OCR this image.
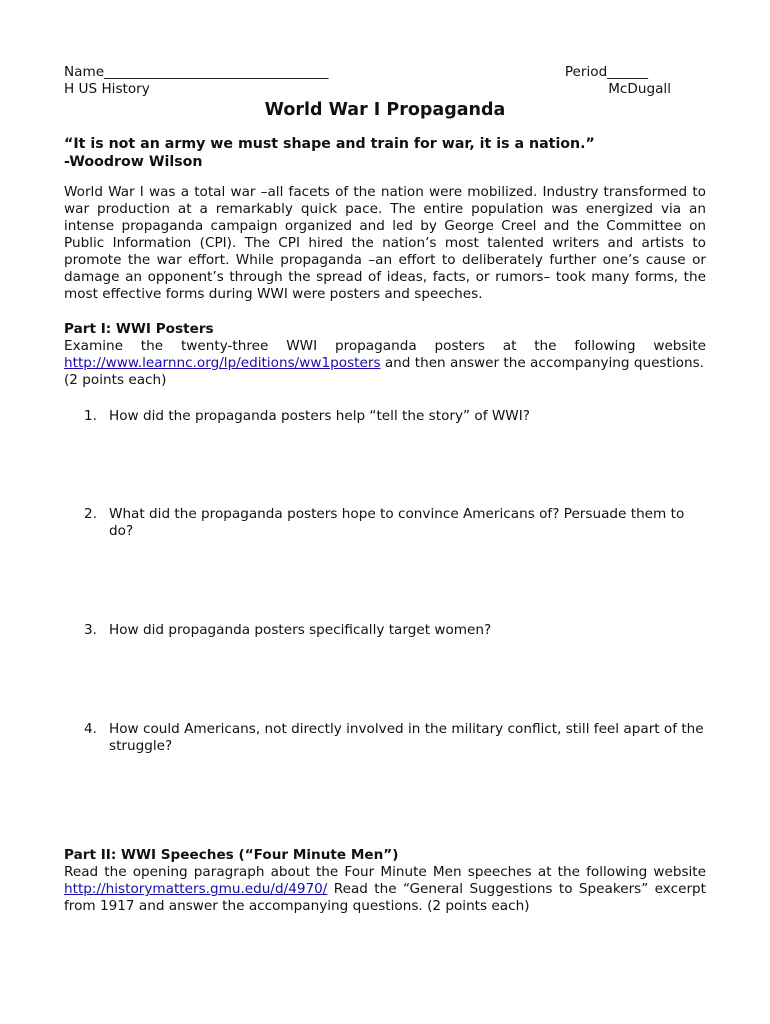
Name_________________________________	Period______
H US History	McDugall
World War I Propaganda
“It is not an army we must shape and train for war, it is a nation.”
-Woodrow Wilson
World War I was a total war –all facets of the nation were mobilized. Industry transformed to war production at a remarkably quick pace. The entire population was energized via an intense propaganda campaign organized and led by George Creel and the Committee on Public Information (CPI). The CPI hired the nation’s most talented writers and artists to promote the war effort. While propaganda –an effort to deliberately further one’s cause or damage an opponent’s through the spread of ideas, facts, or rumors– took many forms, the most effective forms during WWI were posters and speeches.
Part I: WWI Posters
Examine the twenty-three WWI propaganda posters at the following website http://www.learnnc.org/lp/editions/ww1posters and then answer the accompanying questions.
(2 points each)
1. How did the propaganda posters help “tell the story” of WWI?
2. What did the propaganda posters hope to convince Americans of? Persuade them to do?
3. How did propaganda posters specifically target women?
4. How could Americans, not directly involved in the military conflict, still feel apart of the struggle?
Part II: WWI Speeches (“Four Minute Men”)
Read the opening paragraph about the Four Minute Men speeches at the following website http://historymatters.gmu.edu/d/4970/ Read the “General Suggestions to Speakers” excerpt from 1917 and answer the accompanying questions. (2 points each)
